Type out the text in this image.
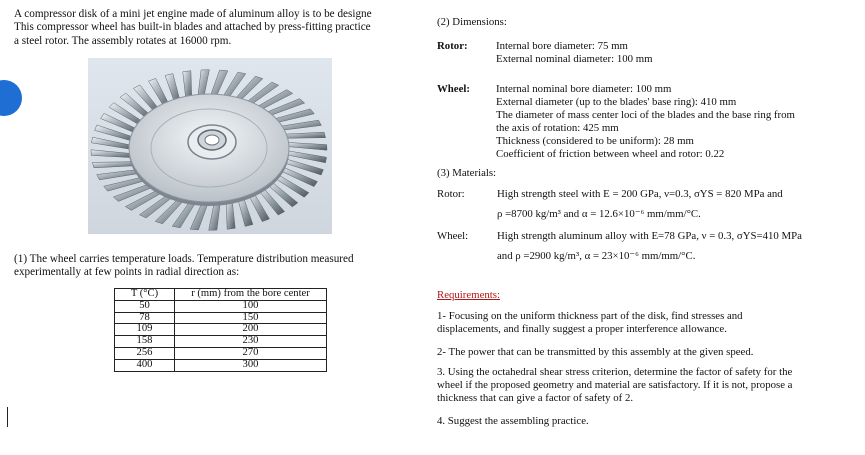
A compressor disk of a mini jet engine made of aluminum alloy is to be designe
This compressor wheel has built-in blades and attached by press-fitting practice
a steel rotor. The assembly rotates at 16000 rpm.
(1) The wheel carries temperature loads. Temperature distribution measured
experimentally at few points in radial direction as:
T (°C)	r (mm) from the bore center
50	100
78	150
109	200
158	230
256	270
400	300
(2) Dimensions:
Rotor:	Internal bore diameter: 75 mm
External nominal diameter: 100 mm
Wheel: Internal nominal bore diameter: 100 mm
External diameter (up to the blades' base ring): 410 mm
The diameter of mass center loci of the blades and the base ring from
the axis of rotation: 425 mm
Thickness (considered to be uniform): 28 mm
Coefficient of friction between wheel and rotor: 0.22
(3) Materials:
Rotor:	High strength steel with E = 200 GPa, ν=0.3, σYS = 820 MPa and
ρ =8700 kg/m³ and α = 12.6×10⁻⁶ mm/mm/°C.
Wheel:	High strength aluminum alloy with E=78 GPa, ν = 0.3, σYS=410 MPa
and ρ =2900 kg/m³, α = 23×10⁻⁶ mm/mm/°C.
Requirements:
1- Focusing on the uniform thickness part of the disk, find stresses and
displacements, and finally suggest a proper interference allowance.
2- The power that can be transmitted by this assembly at the given speed.
3. Using the octahedral shear stress criterion, determine the factor of safety for the
wheel if the proposed geometry and material are satisfactory. If it is not, propose a
thickness that can give a factor of safety of 2.
4. Suggest the assembling practice.
